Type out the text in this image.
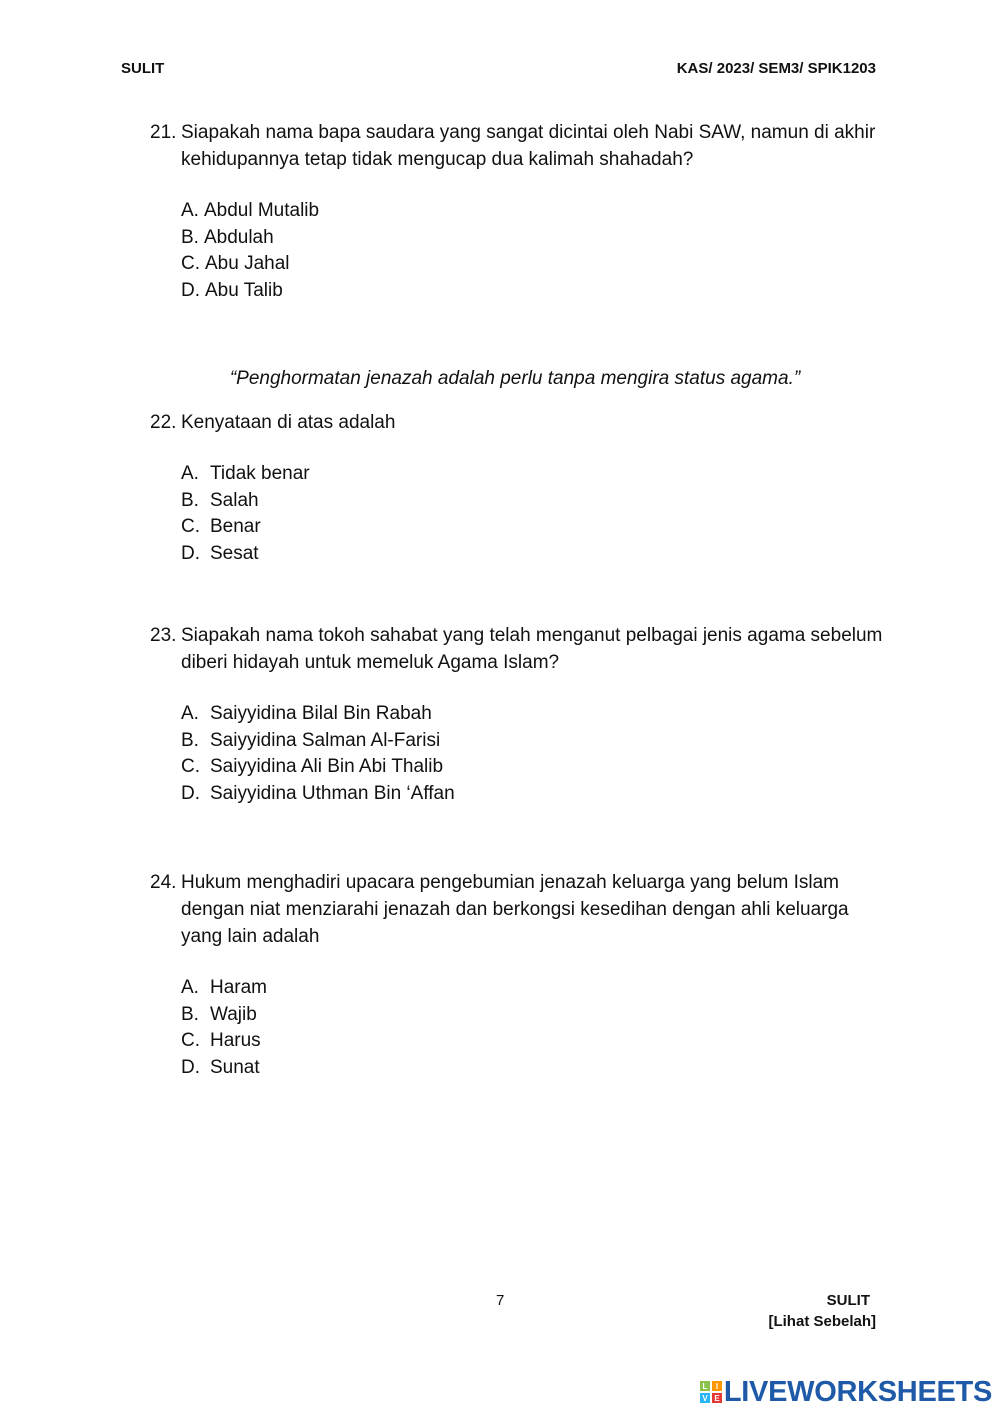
SULIT	KAS/ 2023/ SEM3/ SPIK1203
21. Siapakah nama bapa saudara yang sangat dicintai oleh Nabi SAW, namun di akhir kehidupannya tetap tidak mengucap dua kalimah shahadah?
A. Abdul Mutalib
B. Abdulah
C. Abu Jahal
D. Abu Talib
“Penghormatan jenazah adalah perlu tanpa mengira status agama.”
22. Kenyataan di atas adalah
A. Tidak benar
B. Salah
C. Benar
D. Sesat
23. Siapakah nama tokoh sahabat yang telah menganut pelbagai jenis agama sebelum diberi hidayah untuk memeluk Agama Islam?
A. Saiyyidina Bilal Bin Rabah
B. Saiyyidina Salman Al-Farisi
C. Saiyyidina Ali Bin Abi Thalib
D. Saiyyidina Uthman Bin ‘Affan
24. Hukum menghadiri upacara pengebumian jenazah keluarga yang belum Islam dengan niat menziarahi jenazah dan berkongsi kesedihan dengan ahli keluarga yang lain adalah
A. Haram
B. Wajib
C. Harus
D. Sunat
7	SULIT
[Lihat Sebelah]
L I
V E LIVEWORKSHEETS
